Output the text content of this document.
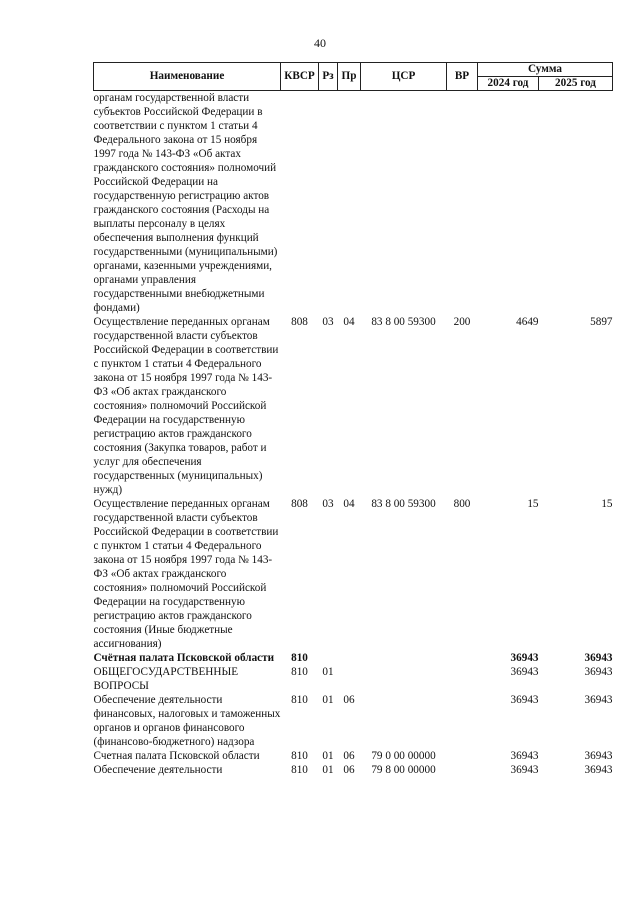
40
Наименование	КВСР	Рз	Пр	ЦСР	ВР	Сумма	
						2024 год	2025 год
органам государственной власти субъектов Российской Федерации в соответствии с пунктом 1 статьи 4 Федерального закона от 15 ноября 1997 года № 143-ФЗ «Об актах гражданского состояния» полномочий Российской Федерации на государственную регистрацию актов гражданского состояния (Расходы на выплаты персоналу в целях обеспечения выполнения функций государственными (муниципальными) органами, казенными учреждениями, органами управления государственными внебюджетными фондами)							
Осуществление переданных органам государственной власти субъектов Российской Федерации в соответствии с пунктом 1 статьи 4 Федерального закона от 15 ноября 1997 года № 143-ФЗ «Об актах гражданского состояния» полномочий Российской Федерации на государственную регистрацию актов гражданского состояния (Закупка товаров, работ и услуг для обеспечения государственных (муниципальных) нужд)	808	03	04	83 8 00 59300	200	4649	5897
Осуществление переданных органам государственной власти субъектов Российской Федерации в соответствии с пунктом 1 статьи 4 Федерального закона от 15 ноября 1997 года № 143-ФЗ «Об актах гражданского состояния» полномочий Российской Федерации на государственную регистрацию актов гражданского состояния (Иные бюджетные ассигнования)	808	03	04	83 8 00 59300	800	15	15
Счётная палата Псковской области	810					36943	36943
ОБЩЕГОСУДАРСТВЕННЫЕ ВОПРОСЫ	810	01				36943	36943
Обеспечение деятельности финансовых, налоговых и таможенных органов и органов финансового (финансово-бюджетного) надзора	810	01	06			36943	36943
Счетная палата Псковской области	810	01	06	79 0 00 00000		36943	36943
Обеспечение деятельности	810	01	06	79 8 00 00000		36943	36943
